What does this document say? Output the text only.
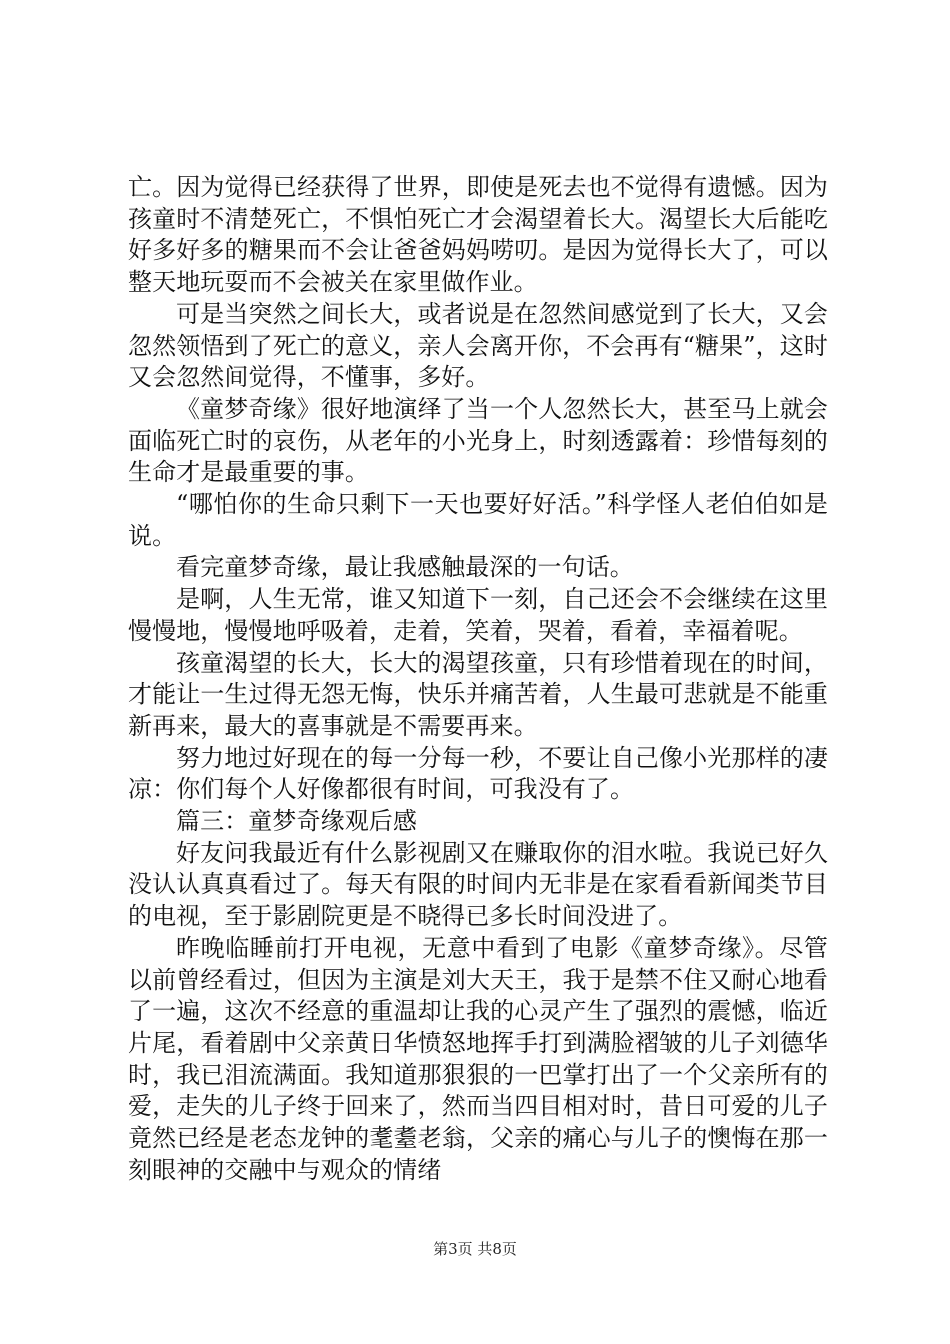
亡。因为觉得已经获得了世界，即使是死去也不觉得有遗憾。因为孩童时不清楚死亡，不惧怕死亡才会渴望着长大。渴望长大后能吃好多好多的糖果而不会让爸爸妈妈唠叨。是因为觉得长大了，可以整天地玩耍而不会被关在家里做作业。

可是当突然之间长大，或者说是在忽然间感觉到了长大，又会忽然领悟到了死亡的意义，亲人会离开你，不会再有“糖果”，这时又会忽然间觉得，不懂事，多好。

《童梦奇缘》很好地演绎了当一个人忽然长大，甚至马上就会面临死亡时的哀伤，从老年的小光身上，时刻透露着：珍惜每刻的生命才是最重要的事。

“哪怕你的生命只剩下一天也要好好活。”科学怪人老伯伯如是说。

看完童梦奇缘，最让我感触最深的一句话。

是啊，人生无常，谁又知道下一刻，自己还会不会继续在这里慢慢地，慢慢地呼吸着，走着，笑着，哭着，看着，幸福着呢。

孩童渴望的长大，长大的渴望孩童，只有珍惜着现在的时间，才能让一生过得无怨无悔，快乐并痛苦着，人生最可悲就是不能重新再来，最大的喜事就是不需要再来。

努力地过好现在的每一分每一秒，不要让自己像小光那样的凄凉：你们每个人好像都很有时间，可我没有了。

篇三：童梦奇缘观后感

好友问我最近有什么影视剧又在赚取你的泪水啦。我说已好久没认认真真看过了。每天有限的时间内无非是在家看看新闻类节目的电视，至于影剧院更是不晓得已多长时间没进了。

昨晚临睡前打开电视，无意中看到了电影《童梦奇缘》。尽管以前曾经看过，但因为主演是刘大天王，我于是禁不住又耐心地看了一遍，这次不经意的重温却让我的心灵产生了强烈的震憾，临近片尾，看着剧中父亲黄日华愤怒地挥手打到满脸褶皱的儿子刘德华时，我已泪流满面。我知道那狠狠的一巴掌打出了一个父亲所有的爱，走失的儿子终于回来了，然而当四目相对时，昔日可爱的儿子竟然已经是老态龙钟的耄耋老翁，父亲的痛心与儿子的懊悔在那一刻眼神的交融中与观众的情绪

第3页 共8页
